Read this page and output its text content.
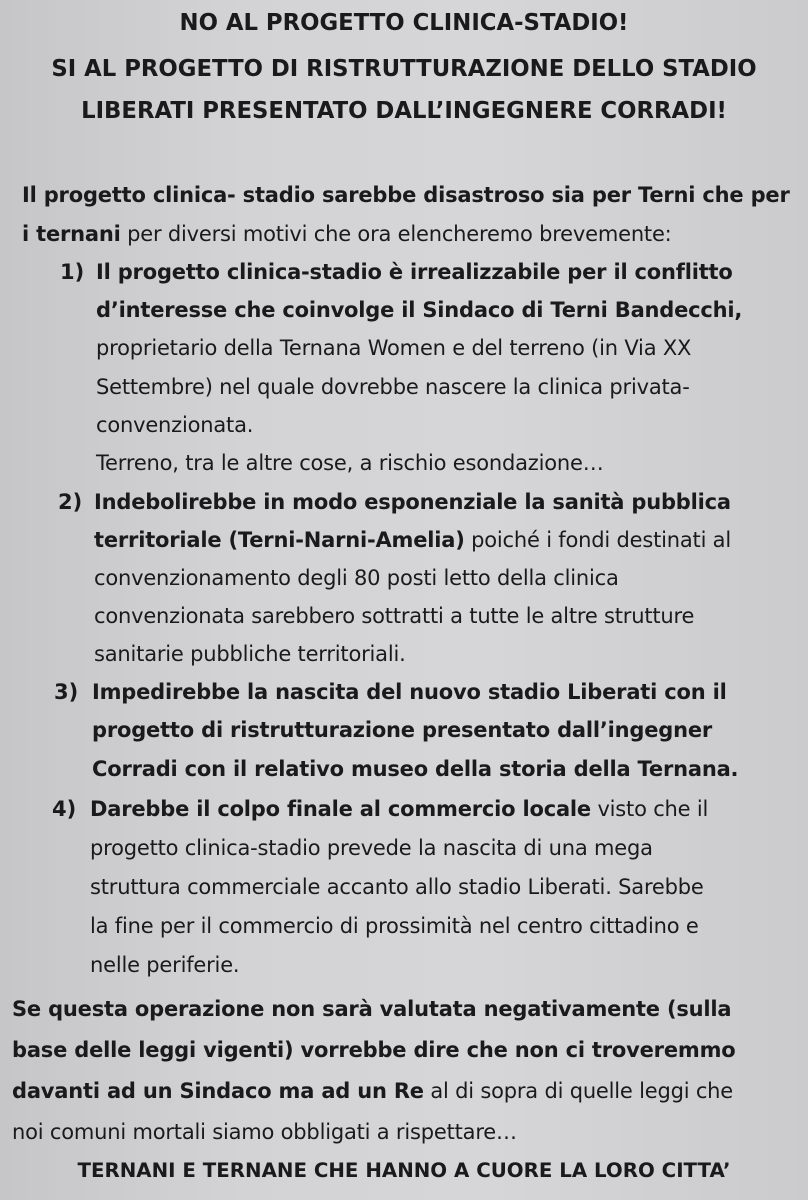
NO AL PROGETTO CLINICA-STADIO!
SI AL PROGETTO DI RISTRUTTURAZIONE DELLO STADIO
LIBERATI PRESENTATO DALL’INGEGNERE CORRADI!
Il progetto clinica- stadio sarebbe disastroso sia per Terni che per
i ternani per diversi motivi che ora elencheremo brevemente:
1) Il progetto clinica-stadio è irrealizzabile per il conflitto
d’interesse che coinvolge il Sindaco di Terni Bandecchi,
proprietario della Ternana Women e del terreno (in Via XX
Settembre) nel quale dovrebbe nascere la clinica privata-
convenzionata.
Terreno, tra le altre cose, a rischio esondazione…
2) Indebolirebbe in modo esponenziale la sanità pubblica
territoriale (Terni-Narni-Amelia) poiché i fondi destinati al
convenzionamento degli 80 posti letto della clinica
convenzionata sarebbero sottratti a tutte le altre strutture
sanitarie pubbliche territoriali.
3) Impedirebbe la nascita del nuovo stadio Liberati con il
progetto di ristrutturazione presentato dall’ingegner
Corradi con il relativo museo della storia della Ternana.
4) Darebbe il colpo finale al commercio locale visto che il
progetto clinica-stadio prevede la nascita di una mega
struttura commerciale accanto allo stadio Liberati. Sarebbe
la fine per il commercio di prossimità nel centro cittadino e
nelle periferie.
Se questa operazione non sarà valutata negativamente (sulla
base delle leggi vigenti) vorrebbe dire che non ci troveremmo
davanti ad un Sindaco ma ad un Re al di sopra di quelle leggi che
noi comuni mortali siamo obbligati a rispettare…
TERNANI E TERNANE CHE HANNO A CUORE LA LORO CITTA’
